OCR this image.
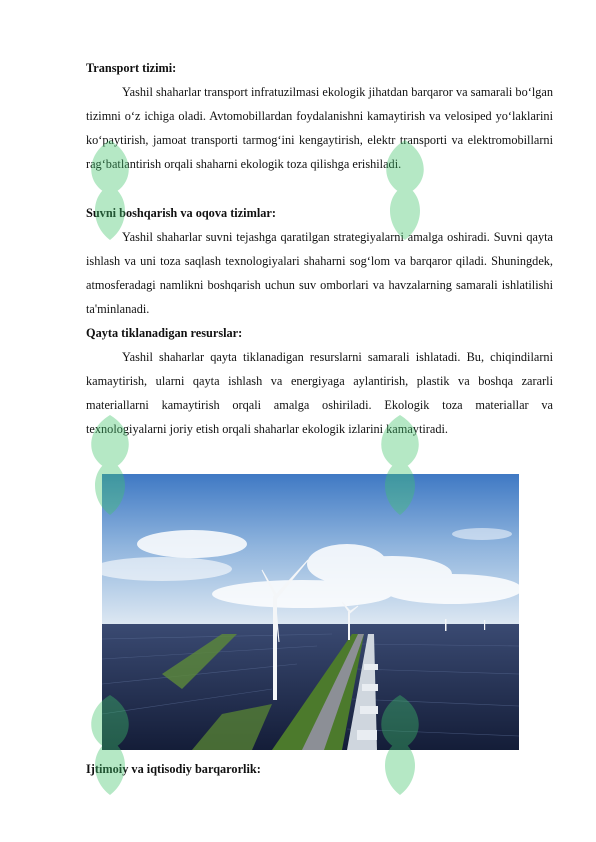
Transport tizimi:
Yashil shaharlar transport infratuzilmasi ekologik jihatdan barqaror va samarali bo‘lgan tizimni o‘z ichiga oladi. Avtomobillardan foydalanishni kamaytirish va velosiped yo‘laklarini ko‘paytirish, jamoat transporti tarmog‘ini kengaytirish, elektr transporti va elektromobillarni rag‘batlantirish orqali shaharni ekologik toza qilishga erishiladi.
Suvni boshqarish va oqova tizimlar:
Yashil shaharlar suvni tejashga qaratilgan strategiyalarni amalga oshiradi. Suvni qayta ishlash va uni toza saqlash texnologiyalari shaharni sog‘lom va barqaror qiladi. Shuningdek, atmosferadagi namlikni boshqarish uchun suv omborlari va havzalarning samarali ishlatilishi ta'minlanadi.
Qayta tiklanadigan resurslar:
Yashil shaharlar qayta tiklanadigan resurslarni samarali ishlatadi. Bu, chiqindilarni kamaytirish, ularni qayta ishlash va energiyaga aylantirish, plastik va boshqa zararli materiallarni kamaytirish orqali amalga oshiriladi. Ekologik toza materiallar va texnologiyalarni joriy etish orqali shaharlar ekologik izlarini kamaytiradi.
Ijtimoiy va iqtisodiy barqarorlik:
